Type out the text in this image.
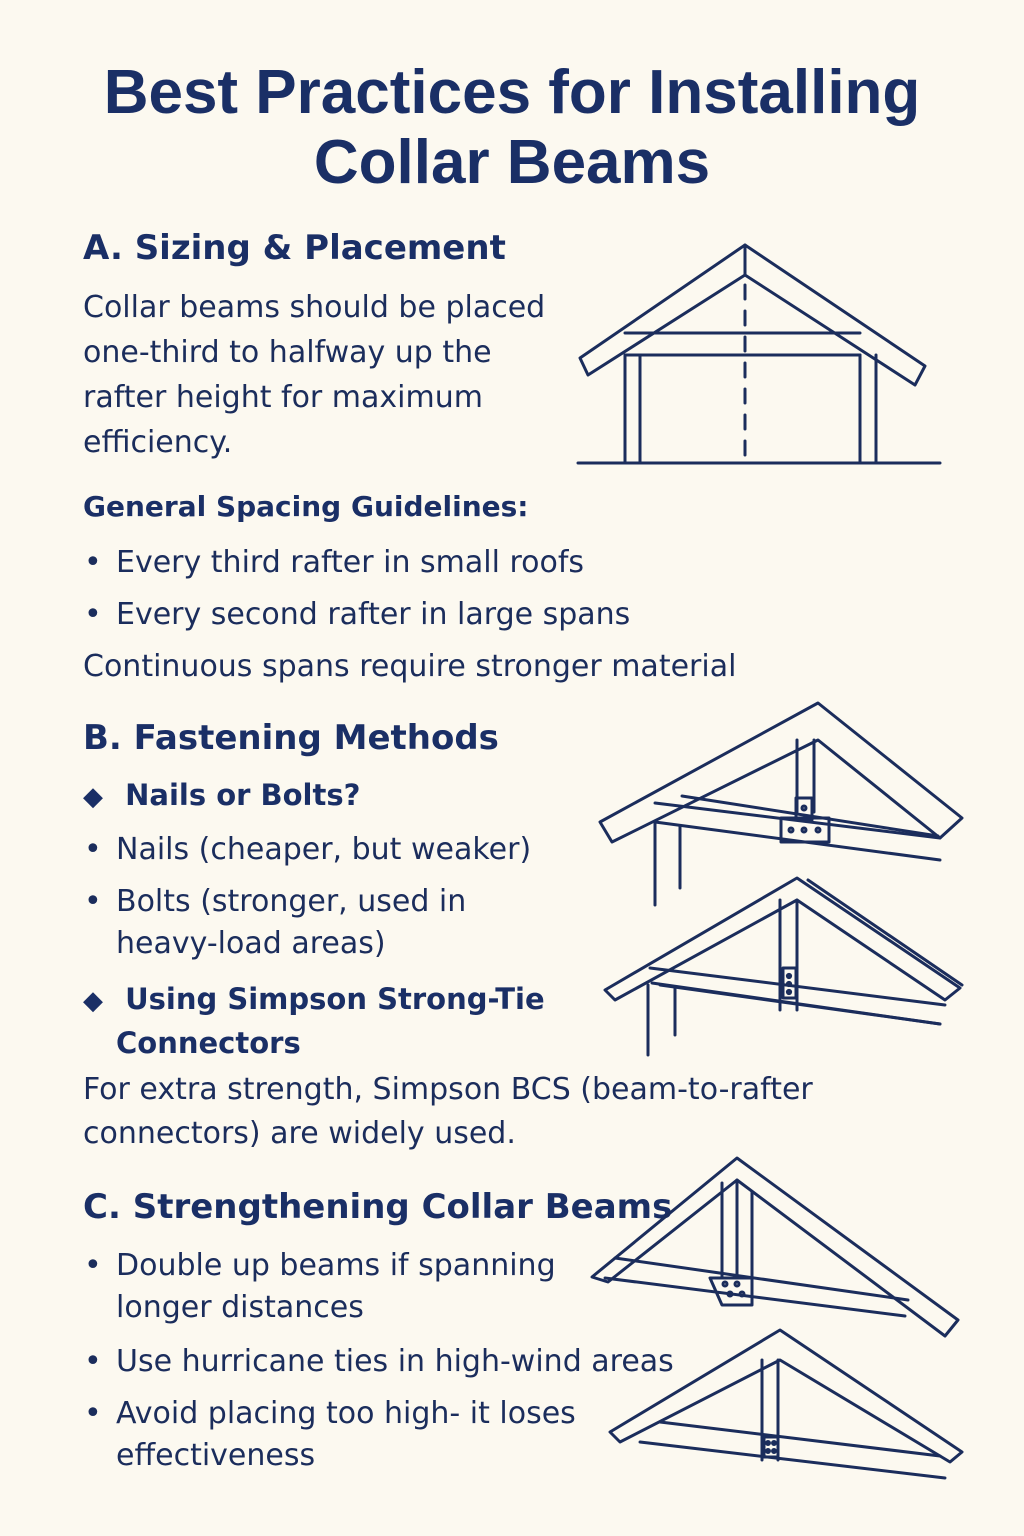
Best Practices for Installing
Collar Beams
A. Sizing & Placement
Collar beams should be placed
one-third to halfway up the
rafter height for maximum
efficiency.
General Spacing Guidelines:
• Every third rafter in small roofs
• Every second rafter in large spans
Continuous spans require stronger material
B. Fastening Methods
◆ Nails or Bolts?
• Nails (cheaper, but weaker)
• Bolts (stronger, used in
heavy-load areas)
◆ Using Simpson Strong-Tie
Connectors
For extra strength, Simpson BCS (beam-to-rafter
connectors) are widely used.
C. Strengthening Collar Beams
• Double up beams if spanning
longer distances
• Use hurricane ties in high-wind areas
• Avoid placing too high- it loses
effectiveness
